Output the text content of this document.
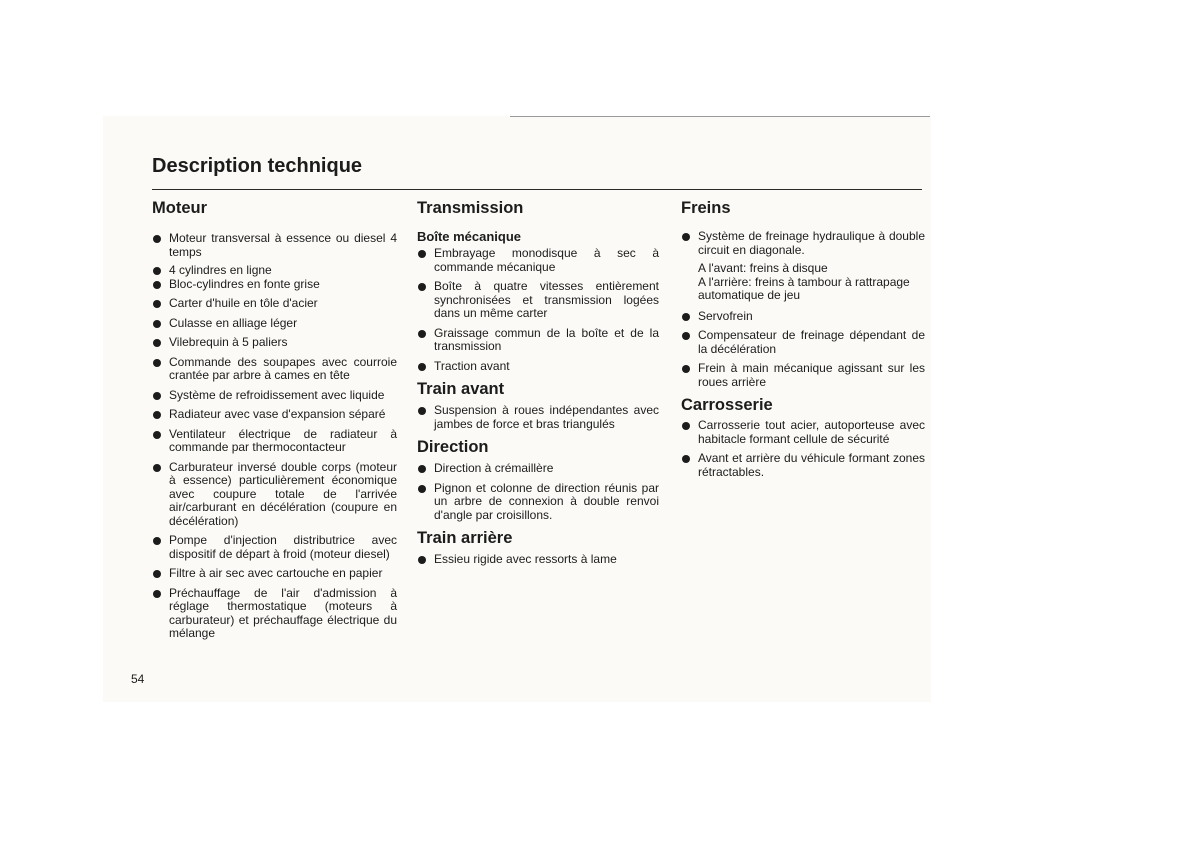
Description technique
Moteur
Moteur transversal à essence ou diesel 4 temps
4 cylindres en ligne
Bloc-cylindres en fonte grise
Carter d'huile en tôle d'acier
Culasse en alliage léger
Vilebrequin à 5 paliers
Commande des soupapes avec courroie crantée par arbre à cames en tête
Système de refroidissement avec liquide
Radiateur avec vase d'expansion séparé
Ventilateur électrique de radiateur à commande par thermocontacteur
Carburateur inversé double corps (moteur à essence) particulièrement économique avec coupure totale de l'arrivée air/carburant en décélération (coupure en décélération)
Pompe d'injection distributrice avec dispositif de départ à froid (moteur diesel)
Filtre à air sec avec cartouche en papier
Préchauffage de l'air d'admission à réglage thermostatique (moteurs à carburateur) et préchauffage électrique du mélange
Transmission
Boîte mécanique
Embrayage monodisque à sec à commande mécanique
Boîte à quatre vitesses entièrement synchronisées et transmission logées dans un même carter
Graissage commun de la boîte et de la transmission
Traction avant
Train avant
Suspension à roues indépendantes avec jambes de force et bras triangulés
Direction
Direction à crémaillère
Pignon et colonne de direction réunis par un arbre de connexion à double renvoi d'angle par croisillons.
Train arrière
Essieu rigide avec ressorts à lame
Freins
Système de freinage hydraulique à double circuit en diagonale.

A l'avant: freins à disque
A l'arrière: freins à tambour à rattrapage automatique de jeu

Servofrein
Compensateur de freinage dépendant de la décélération
Frein à main mécanique agissant sur les roues arrière
Carrosserie
Carrosserie tout acier, autoporteuse avec habitacle formant cellule de sécurité
Avant et arrière du véhicule formant zones rétractables.
54
